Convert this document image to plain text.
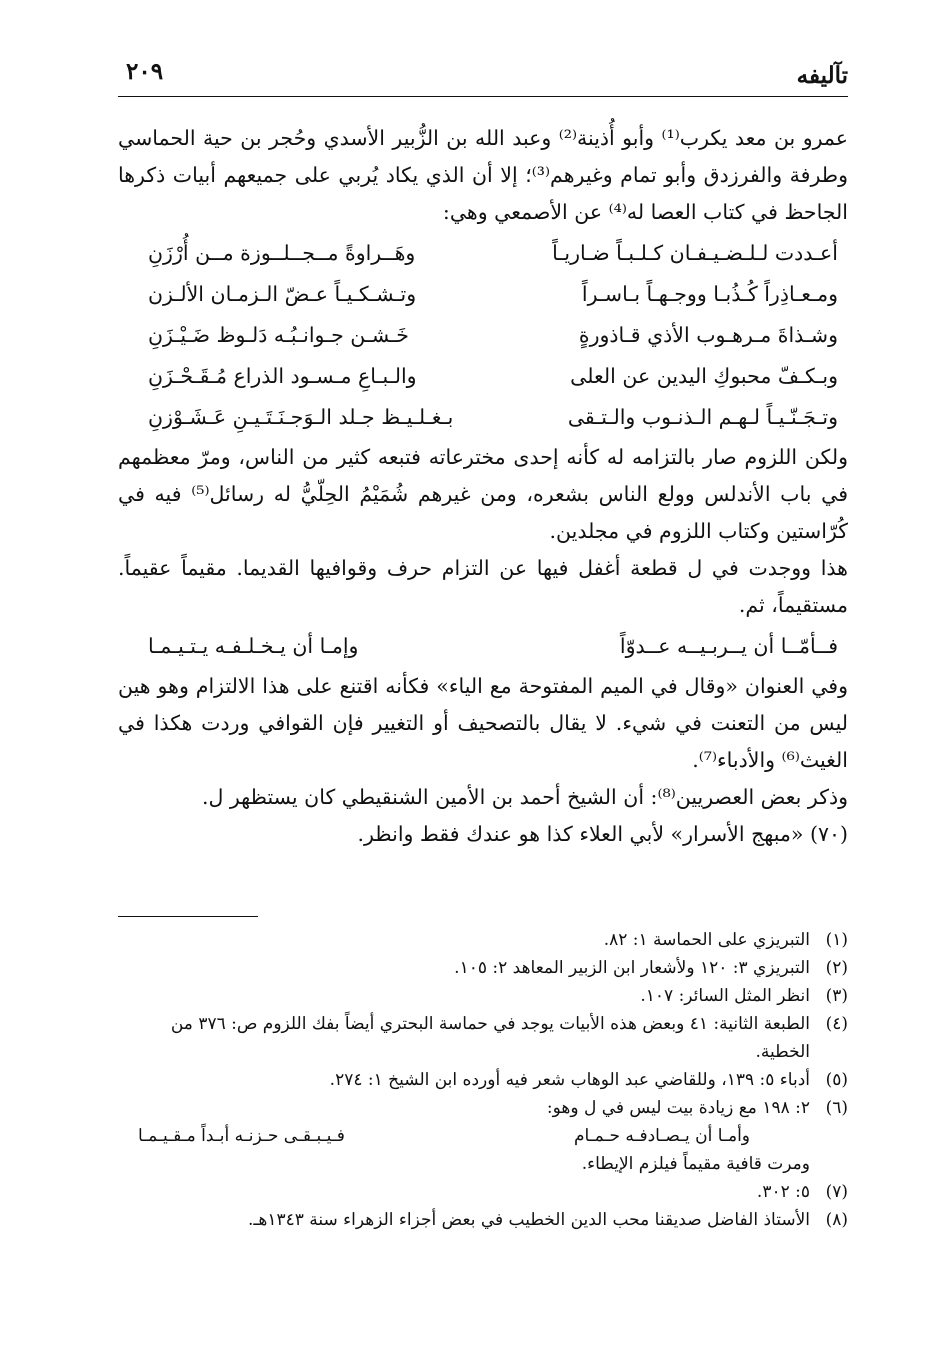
تآليفه
٢٠٩

عمرو بن معد يكرب⁽¹⁾ وأبو أُذينة⁽²⁾ وعبد الله بن الزُّبير الأسدي وحُجر بن حية الحماسي وطرفة والفرزدق وأبو تمام وغيرهم⁽³⁾؛ إلا أن الذي يكاد يُربي على جميعهم أبيات ذكرها الجاحظ في كتاب العصا له⁽⁴⁾ عن الأصمعي وهي:

أعـددت لـلـضـيـفـان كـلـبـاً ضـاريـاً
وهَــراوةً مــجــلــوزة مــن أُرْزَنِ
ومـعـاذِراً كُـذُبـا ووجـهـاً بـاسـراً
وتـشـكـيـاً عـضّ الـزمـان الألـزن
وشـذاةَ مـرهـوب الأذي قـاذورةٍ
خَـشـن جـوانـبُـه دَلـوظ ضَـيْـزَنِ
وبـكـفّ محبوكِ اليدين عن العلى
والـبـاعِ مـسـود الذراع مُـقَـحْـزَنِ
وتـجَـنّـيـاً لـهـم الـذنـوب والـتـقى
بـغـلـيـظ جـلد الـوَجـنَـتَـيـنِ عَـشَـوْزنِ

ولكن اللزوم صار بالتزامه له كأنه إحدى مخترعاته فتبعه كثير من الناس، ومرّ معظمهم في باب الأندلس وولع الناس بشعره، ومن غيرهم شُمَيْمُ الحِلّيُّ له رسائل⁽⁵⁾ فيه في كُرّاستين وكتاب اللزوم في مجلدين.

هذا ووجدت في ل قطعة أغفل فيها عن التزام حرف وقوافيها القديما. مقيماً عقيماً. مستقيماً، ثم.

فــأمّــا أن يــربـيــه عــدوّاً
وإمـا أن يـخـلـفـه يـتـيـمـا

وفي العنوان «وقال في الميم المفتوحة مع الياء» فكأنه اقتنع على هذا الالتزام وهو هين ليس من التعنت في شيء. لا يقال بالتصحيف أو التغيير فإن القوافي وردت هكذا في الغيث⁽⁶⁾ والأدباء⁽⁷⁾.

وذكر بعض العصريين⁽⁸⁾: أن الشيخ أحمد بن الأمين الشنقيطي كان يستظهر ل.

(٧٠) «مبهج الأسرار» لأبي العلاء كذا هو عندك فقط وانظر.

(١)
التبريزي على الحماسة ١: ٨٢.
(٢)
التبريزي ٣: ١٢٠ ولأشعار ابن الزبير المعاهد ٢: ١٠٥.
(٣)
انظر المثل السائر: ١٠٧.
(٤)
الطبعة الثانية: ٤١ وبعض هذه الأبيات يوجد في حماسة البحتري أيضاً بفك اللزوم ص: ٣٧٦ من الخطية.
(٥)
أدباء ٥: ١٣٩، وللقاضي عبد الوهاب شعر فيه أورده ابن الشيخ ١: ٢٧٤.
(٦)
٢: ١٩٨ مع زيادة بيت ليس في ل وهو:
وأمـا أن يـصـادفـه حـمـام
فـيـبـقـى حـزنـه أبـداً مـقـيـمـا
ومرت قافية مقيماً فيلزم الإيطاء.
(٧)
٥: ٣٠٢.
(٨)
الأستاذ الفاضل صديقنا محب الدين الخطيب في بعض أجزاء الزهراء سنة ١٣٤٣هـ.
